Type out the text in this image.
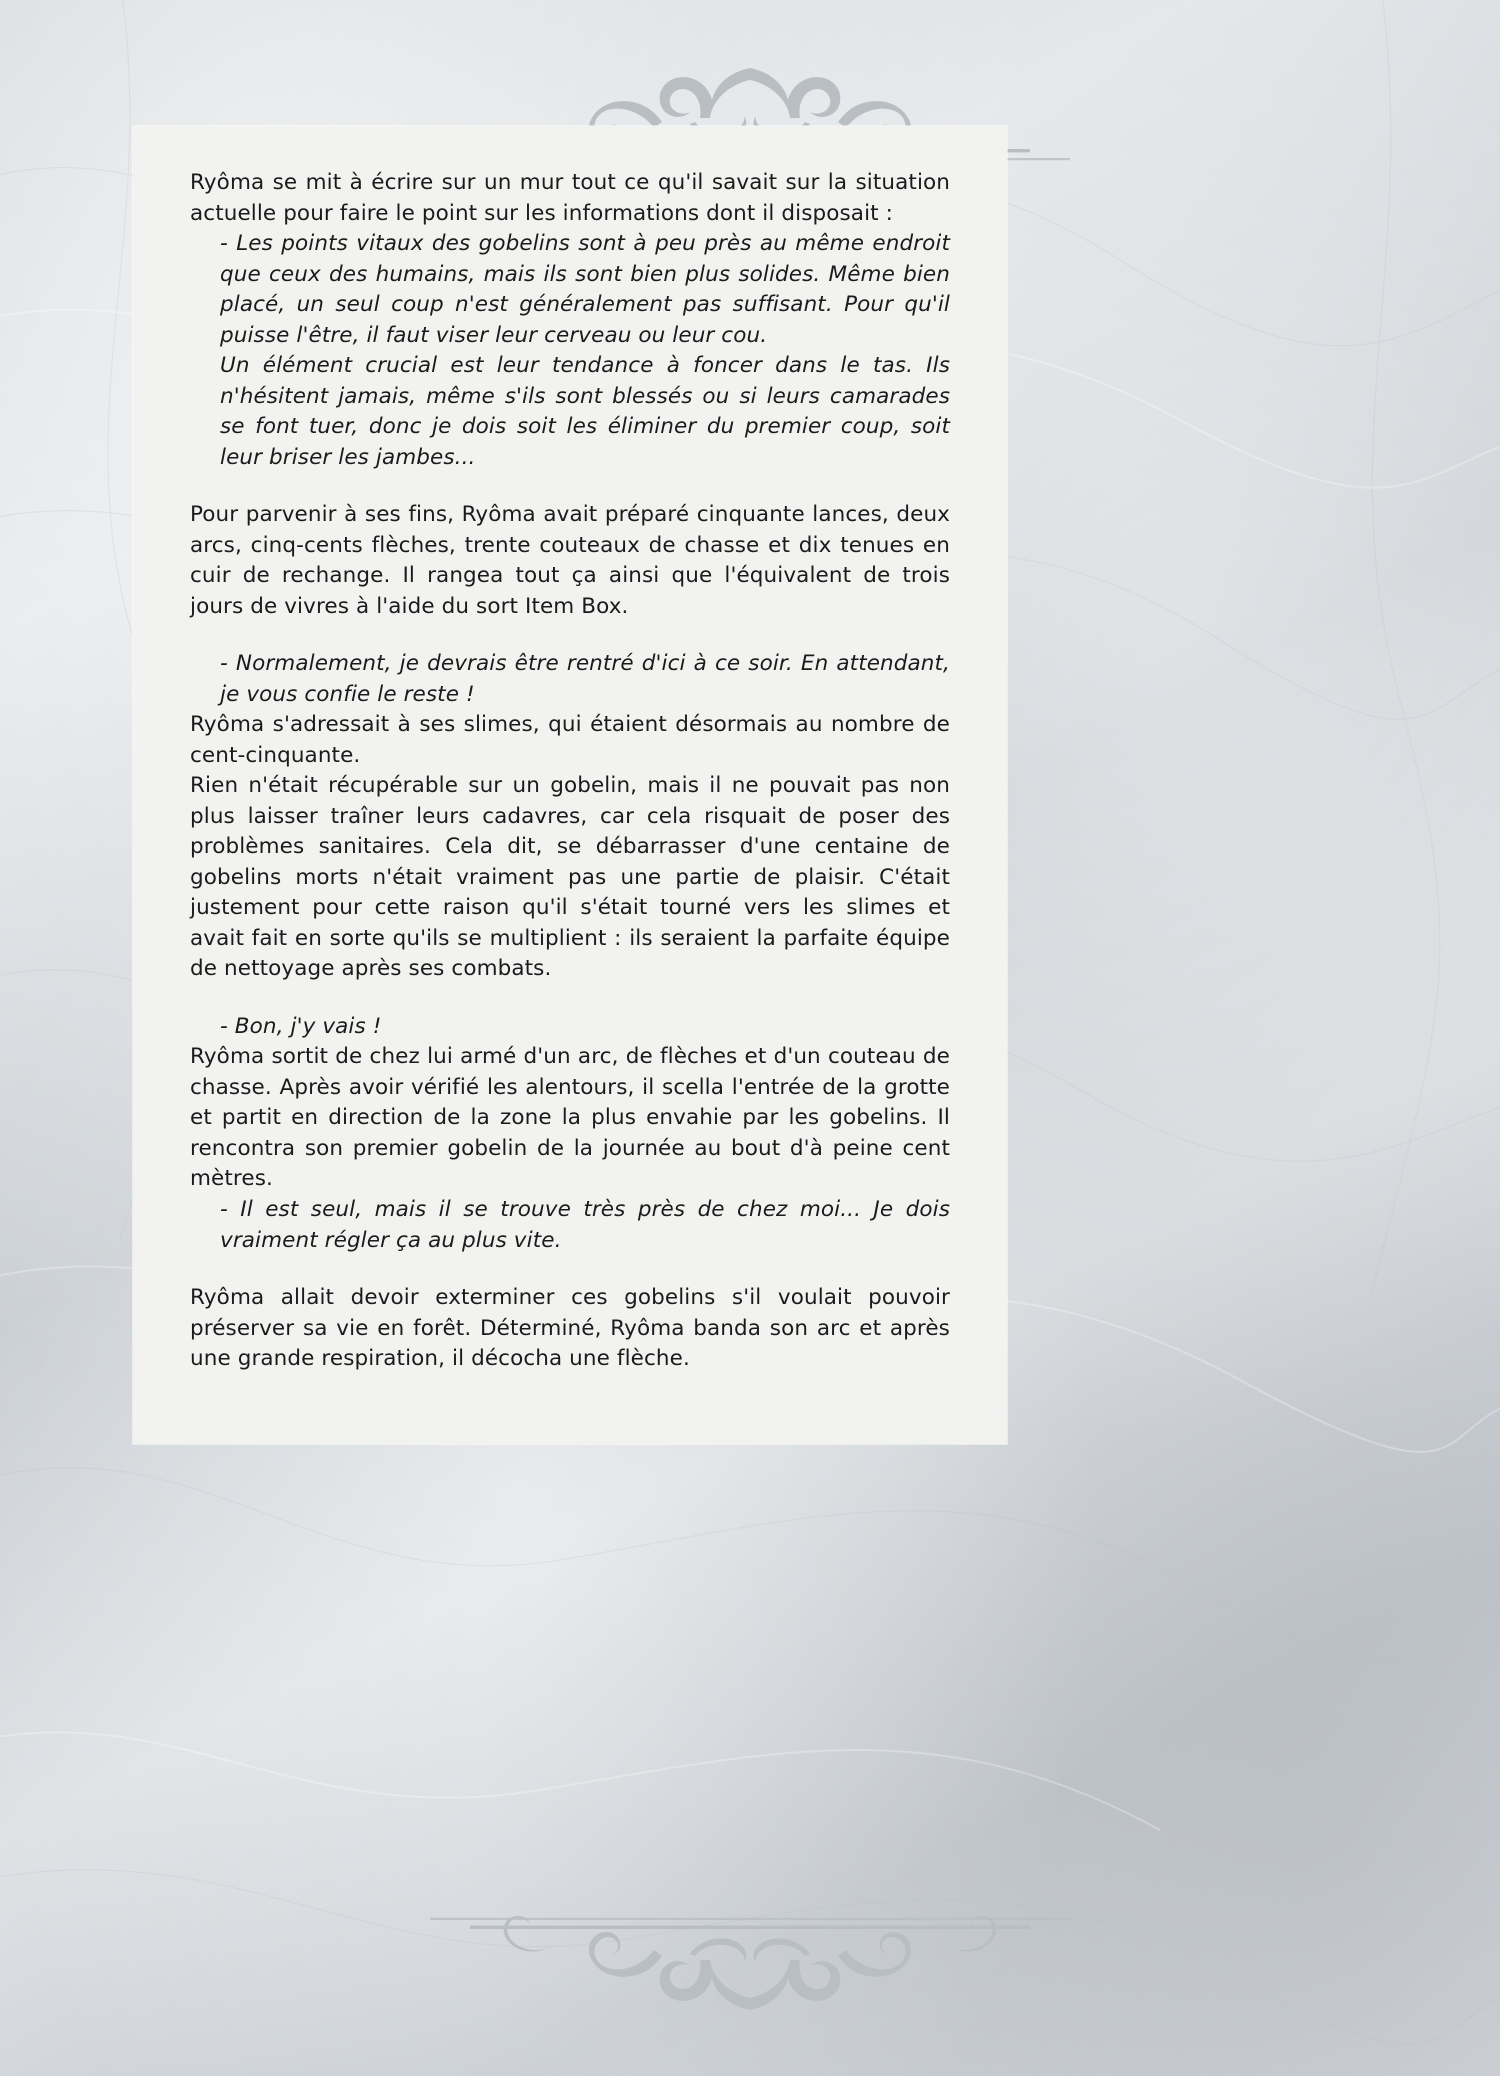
Ryôma se mit à écrire sur un mur tout ce qu'il savait sur la situation actuelle pour faire le point sur les informations dont il disposait :

- Les points vitaux des gobelins sont à peu près au même endroit que ceux des humains, mais ils sont bien plus solides. Même bien placé, un seul coup n'est généralement pas suffisant. Pour qu'il puisse l'être, il faut viser leur cerveau ou leur cou.

Un élément crucial est leur tendance à foncer dans le tas. Ils n'hésitent jamais, même s'ils sont blessés ou si leurs camarades se font tuer, donc je dois soit les éliminer du premier coup, soit leur briser les jambes...

Pour parvenir à ses fins, Ryôma avait préparé cinquante lances, deux arcs, cinq-cents flèches, trente couteaux de chasse et dix tenues en cuir de rechange. Il rangea tout ça ainsi que l'équivalent de trois jours de vivres à l'aide du sort Item Box.

- Normalement, je devrais être rentré d'ici à ce soir. En attendant, je vous confie le reste !

Ryôma s'adressait à ses slimes, qui étaient désormais au nombre de cent-cinquante.

Rien n'était récupérable sur un gobelin, mais il ne pouvait pas non plus laisser traîner leurs cadavres, car cela risquait de poser des problèmes sanitaires. Cela dit, se débarrasser d'une centaine de gobelins morts n'était vraiment pas une partie de plaisir. C'était justement pour cette raison qu'il s'était tourné vers les slimes et avait fait en sorte qu'ils se multiplient : ils seraient la parfaite équipe de nettoyage après ses combats.

- Bon, j'y vais !

Ryôma sortit de chez lui armé d'un arc, de flèches et d'un couteau de chasse. Après avoir vérifié les alentours, il scella l'entrée de la grotte et partit en direction de la zone la plus envahie par les gobelins. Il rencontra son premier gobelin de la journée au bout d'à peine cent mètres.

- Il est seul, mais il se trouve très près de chez moi... Je dois vraiment régler ça au plus vite.

Ryôma allait devoir exterminer ces gobelins s'il voulait pouvoir préserver sa vie en forêt. Déterminé, Ryôma banda son arc et après une grande respiration, il décocha une flèche.
